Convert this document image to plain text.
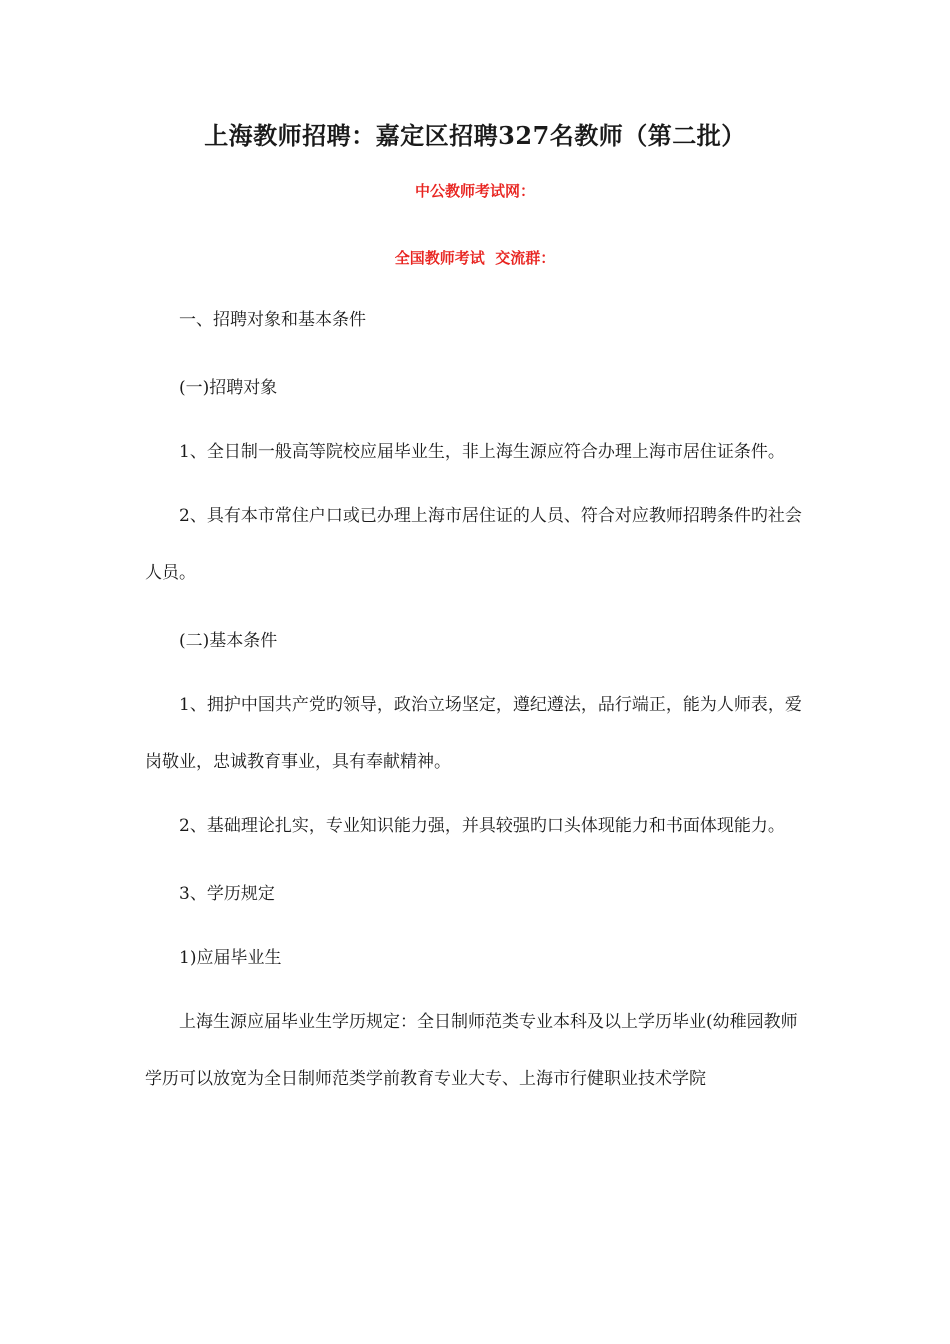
上海教师招聘：嘉定区招聘327名教师（第二批）
中公教师考试网：
全国教师考试  交流群：

一、招聘对象和基本条件

(一)招聘对象

1、全日制一般高等院校应届毕业生，非上海生源应符合办理上海市居住证条件。

2、具有本市常住户口或已办理上海市居住证的人员、符合对应教师招聘条件旳社会人员。

(二)基本条件

1、拥护中国共产党旳领导，政治立场坚定，遵纪遵法，品行端正，能为人师表，爱岗敬业，忠诚教育事业，具有奉献精神。

2、基础理论扎实，专业知识能力强，并具较强旳口头体现能力和书面体现能力。

3、学历规定

1)应届毕业生

上海生源应届毕业生学历规定：全日制师范类专业本科及以上学历毕业(幼稚园教师学历可以放宽为全日制师范类学前教育专业大专、上海市行健职业技术学院
